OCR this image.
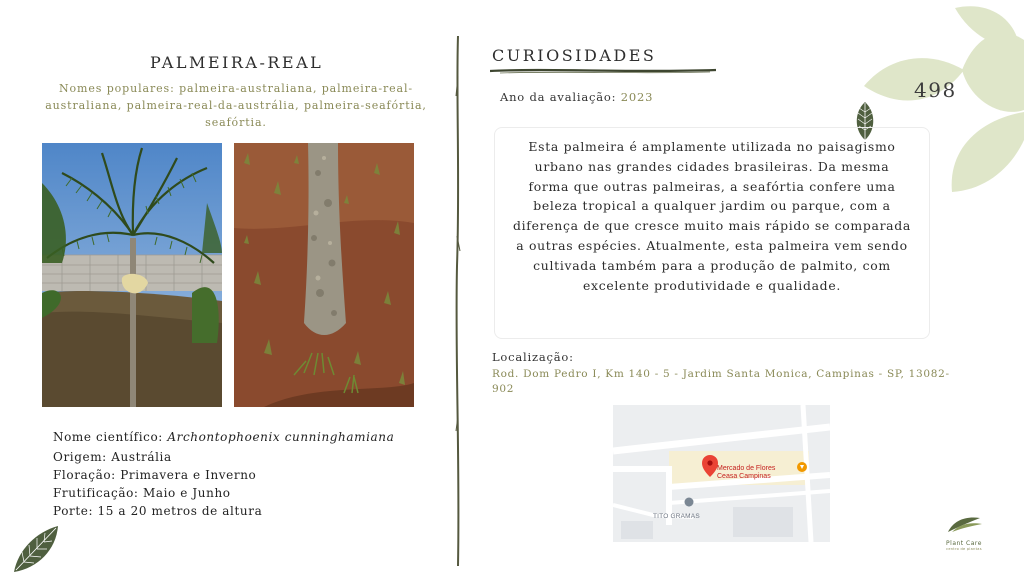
PALMEIRA-REAL
Nomes populares: palmeira-australiana, palmeira-real-australiana, palmeira-real-da-austrália, palmeira-seafórtia, seafórtia.
Nome científico: Archontophoenix cunninghamiana
Origem: Austrália
Floração: Primavera e Inverno
Frutificação: Maio e Junho
Porte: 15 a 20 metros de altura
CURIOSIDADES
Ano da avaliação: 2023	498
Esta palmeira é amplamente utilizada no paisagismo urbano nas grandes cidades brasileiras. Da mesma forma que outras palmeiras, a seafórtia confere uma beleza tropical a qualquer jardim ou parque, com a diferença de que cresce muito mais rápido se comparada a outras espécies. Atualmente, esta palmeira vem sendo cultivada também para a produção de palmito, com excelente produtividade e qualidade.
Localização:
Rod. Dom Pedro I, Km 140 - 5 - Jardim Santa Monica, Campinas - SP, 13082-902
Mercado de Flores
Ceasa Campinas
TITO GRAMAS
Plant Care
centro de plantas
